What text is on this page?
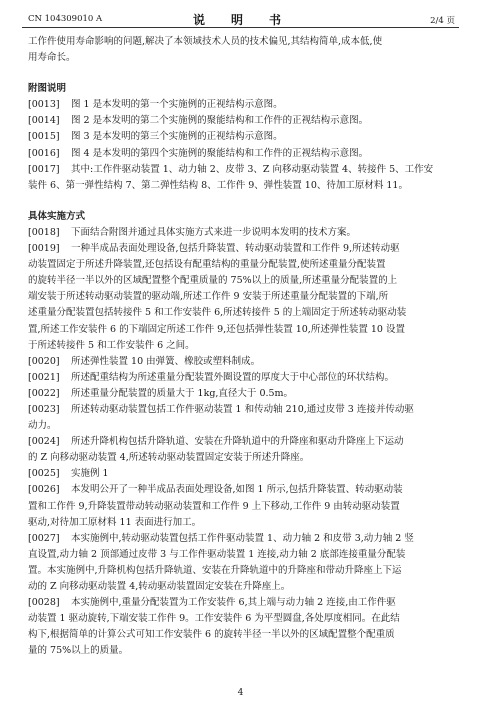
CN 104309010 A	说　明　书	2/4 页

工作件使用寿命影响的问题,解决了本领域技术人员的技术偏见,其结构简单,成本低,使

用寿命长。

附图说明

[0013]	图 1 是本发明的第一个实施例的正视结构示意图。
[0014]	图 2 是本发明的第二个实施例的聚能结构和工作件的正视结构示意图。
[0015]	图 3 是本发明的第三个实施例的正视结构示意图。
[0016]	图 4 是本发明的第四个实施例的聚能结构和工作件的正视结构示意图。
[0017]	其中:工作件驱动装置 1、动力轴 2、皮带 3、Z 向移动驱动装置 4、转接件 5、工作安

装件 6、第一弹性结构 7、第二弹性结构 8、工作件 9、弹性装置 10、待加工原材料 11。

具体实施方式

[0018]	下面结合附图并通过具体实施方式来进一步说明本发明的技术方案。
[0019]	一种半成品表面处理设备,包括升降装置、转动驱动装置和工作件 9,所述转动驱

动装置固定于所述升降装置,还包括设有配重结构的重量分配装置,使所述重量分配装置

的旋转半径一半以外的区域配置整个配重质量的 75%以上的质量,所述重量分配装置的上

端安装于所述转动驱动装置的驱动端,所述工作件 9 安装于所述重量分配装置的下端,所

述重量分配装置包括转接件 5 和工作安装件 6,所述转接件 5 的上端固定于所述转动驱动装

置,所述工作安装件 6 的下端固定所述工作件 9,还包括弹性装置 10,所述弹性装置 10 设置

于所述转接件 5 和工作安装件 6 之间。

[0020]	所述弹性装置 10 由弹簧、橡胶或塑料制成。
[0021]	所述配重结构为所述重量分配装置外圈设置的厚度大于中心部位的环状结构。
[0022]	所述重量分配装置的质量大于 1kg,直径大于 0.5m。
[0023]	所述转动驱动装置包括工作件驱动装置 1 和传动轴 210,通过皮带 3 连接并传动驱

动力。

[0024]	所述升降机构包括升降轨道、安装在升降轨道中的升降座和驱动升降座上下运动

的 Z 向移动驱动装置 4,所述转动驱动装置固定安装于所述升降座。

[0025]	实施例 1
[0026]	本发明公开了一种半成品表面处理设备,如图 1 所示,包括升降装置、转动驱动装

置和工作件 9,升降装置带动转动驱动装置和工作件 9 上下移动,工作件 9 由转动驱动装置

驱动,对待加工原材料 11 表面进行加工。

[0027]	本实施例中,转动驱动装置包括工作件驱动装置 1、动力轴 2 和皮带 3,动力轴 2 竖

直设置,动力轴 2 顶部通过皮带 3 与工作件驱动装置 1 连接,动力轴 2 底部连接重量分配装

置。本实施例中,升降机构包括升降轨道、安装在升降轨道中的升降座和带动升降座上下运

动的 Z 向移动驱动装置 4,转动驱动装置固定安装在升降座上。

[0028]	本实施例中,重量分配装置为工作安装件 6,其上端与动力轴 2 连接,由工作件驱

动装置 1 驱动旋转,下端安装工作件 9。工作安装件 6 为平型圆盘,各处厚度相同。在此结

构下,根据简单的计算公式可知工作安装件 6 的旋转半径一半以外的区域配置整个配重质

量的 75%以上的质量。

4
